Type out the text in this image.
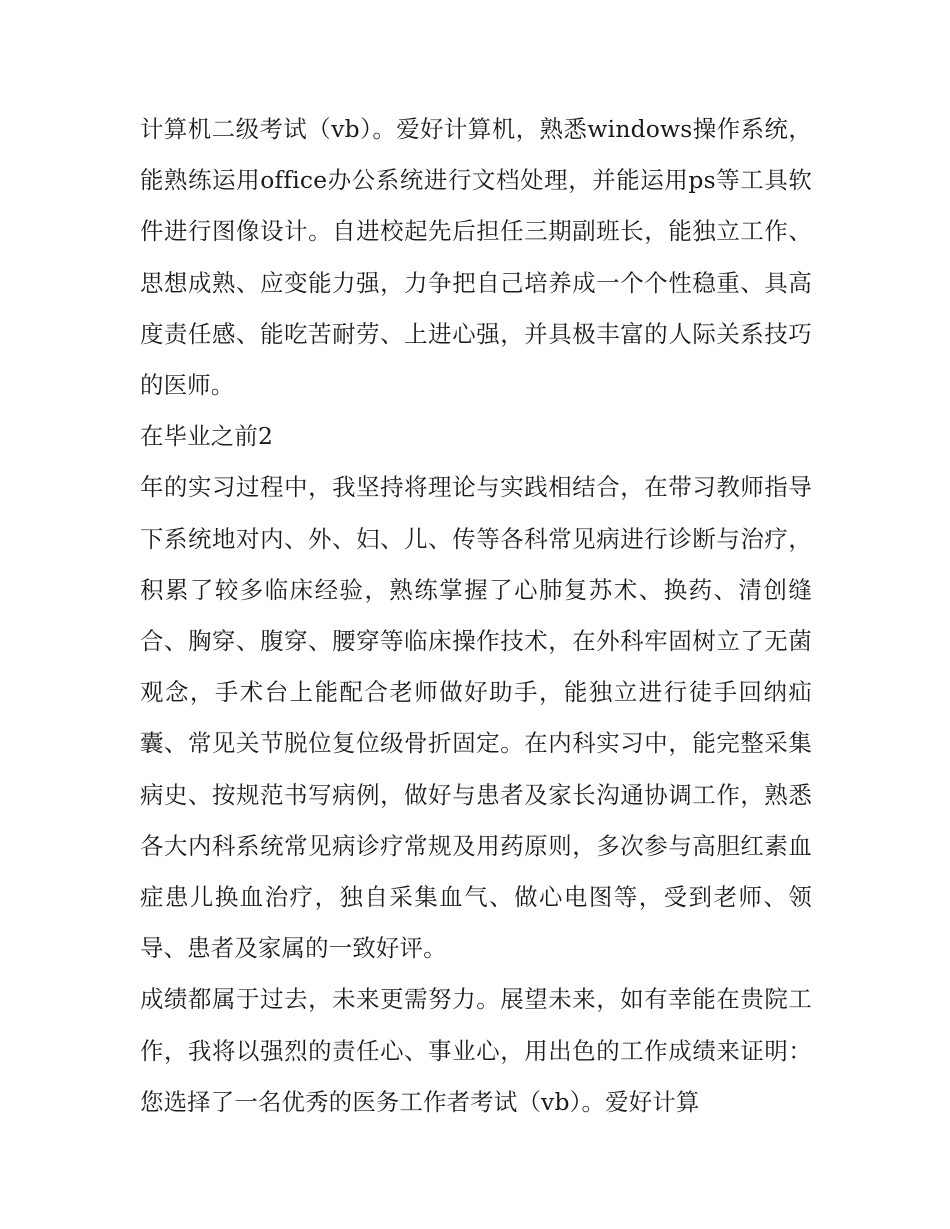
计算机二级考试（vb）。爱好计算机，熟悉windows操作系统，能熟练运用office办公系统进行文档处理，并能运用ps等工具软件进行图像设计。自进校起先后担任三期副班长，能独立工作、思想成熟、应变能力强，力争把自己培养成一个个性稳重、具高度责任感、能吃苦耐劳、上进心强，并具极丰富的人际关系技巧的医师。

在毕业之前2

年的实习过程中，我坚持将理论与实践相结合，在带习教师指导下系统地对内、外、妇、儿、传等各科常见病进行诊断与治疗，积累了较多临床经验，熟练掌握了心肺复苏术、换药、清创缝合、胸穿、腹穿、腰穿等临床操作技术，在外科牢固树立了无菌观念，手术台上能配合老师做好助手，能独立进行徒手回纳疝囊、常见关节脱位复位级骨折固定。在内科实习中，能完整采集病史、按规范书写病例，做好与患者及家长沟通协调工作，熟悉各大内科系统常见病诊疗常规及用药原则，多次参与高胆红素血症患儿换血治疗，独自采集血气、做心电图等，受到老师、领导、患者及家属的一致好评。

成绩都属于过去，未来更需努力。展望未来，如有幸能在贵院工作，我将以强烈的责任心、事业心，用出色的工作成绩来证明：您选择了一名优秀的医务工作者考试（vb）。爱好计算
